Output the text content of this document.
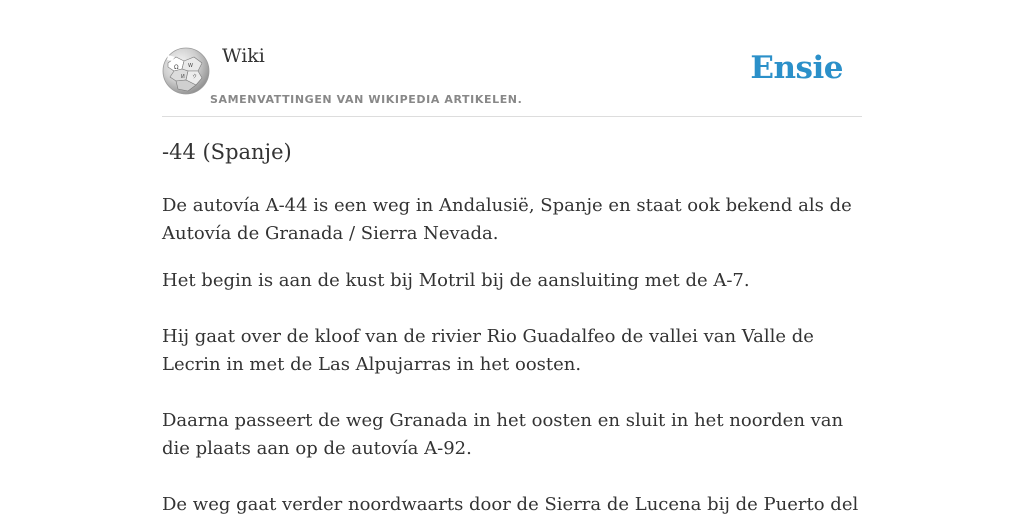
Ω W
И ウ
Wiki
SAMENVATTINGEN VAN WIKIPEDIA ARTIKELEN.
Ensie
-44 (Spanje)

De autovía A-44 is een weg in Andalusië, Spanje en staat ook bekend als de Autovía de Granada / Sierra Nevada.

Het begin is aan de kust bij Motril bij de aansluiting met de A-7.

Hij gaat over de kloof van de rivier Rio Guadalfeo de vallei van Valle de Lecrin in met de Las Alpujarras in het oosten.

Daarna passeert de weg Granada in het oosten en sluit in het noorden van die plaats aan op de autovía A-92.

De weg gaat verder noordwaarts door de Sierra de Lucena bij de Puerto del
